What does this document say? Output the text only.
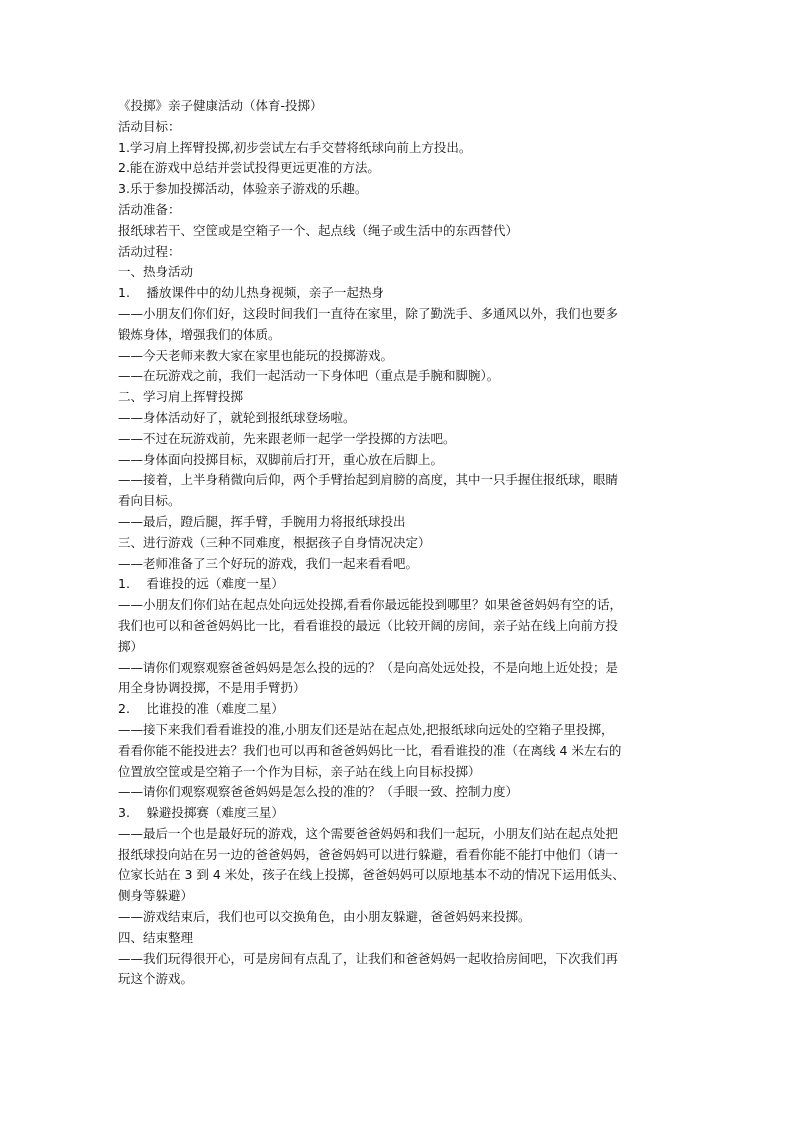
《投掷》亲子健康活动（体育-投掷）
活动目标：
1.学习肩上挥臂投掷,初步尝试左右手交替将纸球向前上方投出。
2.能在游戏中总结并尝试投得更远更准的方法。
3.乐于参加投掷活动，体验亲子游戏的乐趣。
活动准备：
报纸球若干、空筐或是空箱子一个、起点线（绳子或生活中的东西替代）
活动过程：
一、热身活动
1.　 播放课件中的幼儿热身视频，亲子一起热身
——小朋友们你们好，这段时间我们一直待在家里，除了勤洗手、多通风以外，我们也要多
锻炼身体，增强我们的体质。
——今天老师来教大家在家里也能玩的投掷游戏。
——在玩游戏之前，我们一起活动一下身体吧（重点是手腕和脚腕）。
二、学习肩上挥臂投掷
——身体活动好了，就轮到报纸球登场啦。
——不过在玩游戏前，先来跟老师一起学一学投掷的方法吧。
——身体面向投掷目标，双脚前后打开，重心放在后脚上。
——接着，上半身稍微向后仰，两个手臂抬起到肩膀的高度，其中一只手握住报纸球，眼睛
看向目标。
——最后，蹬后腿，挥手臂，手腕用力将报纸球投出
三、进行游戏（三种不同难度，根据孩子自身情况决定）
——老师准备了三个好玩的游戏，我们一起来看看吧。
1.　 看谁投的远（难度一星）
——小朋友们你们站在起点处向远处投掷,看看你最远能投到哪里？如果爸爸妈妈有空的话，
我们也可以和爸爸妈妈比一比，看看谁投的最远（比较开阔的房间，亲子站在线上向前方投
掷）
——请你们观察观察爸爸妈妈是怎么投的远的？（是向高处远处投，不是向地上近处投；是
用全身协调投掷，不是用手臂扔）
2.　 比谁投的准（难度二星）
——接下来我们看看谁投的准,小朋友们还是站在起点处,把报纸球向远处的空箱子里投掷，
看看你能不能投进去？我们也可以再和爸爸妈妈比一比，看看谁投的准（在离线 4 米左右的
位置放空筐或是空箱子一个作为目标，亲子站在线上向目标投掷）
——请你们观察观察爸爸妈妈是怎么投的准的？（手眼一致、控制力度）
3.　 躲避投掷赛（难度三星）
——最后一个也是最好玩的游戏，这个需要爸爸妈妈和我们一起玩，小朋友们站在起点处把
报纸球投向站在另一边的爸爸妈妈，爸爸妈妈可以进行躲避，看看你能不能打中他们（请一
位家长站在 3 到 4 米处，孩子在线上投掷，爸爸妈妈可以原地基本不动的情况下运用低头、
侧身等躲避）
——游戏结束后，我们也可以交换角色，由小朋友躲避，爸爸妈妈来投掷。
四、结束整理
——我们玩得很开心，可是房间有点乱了，让我们和爸爸妈妈一起收拾房间吧，下次我们再
玩这个游戏。
